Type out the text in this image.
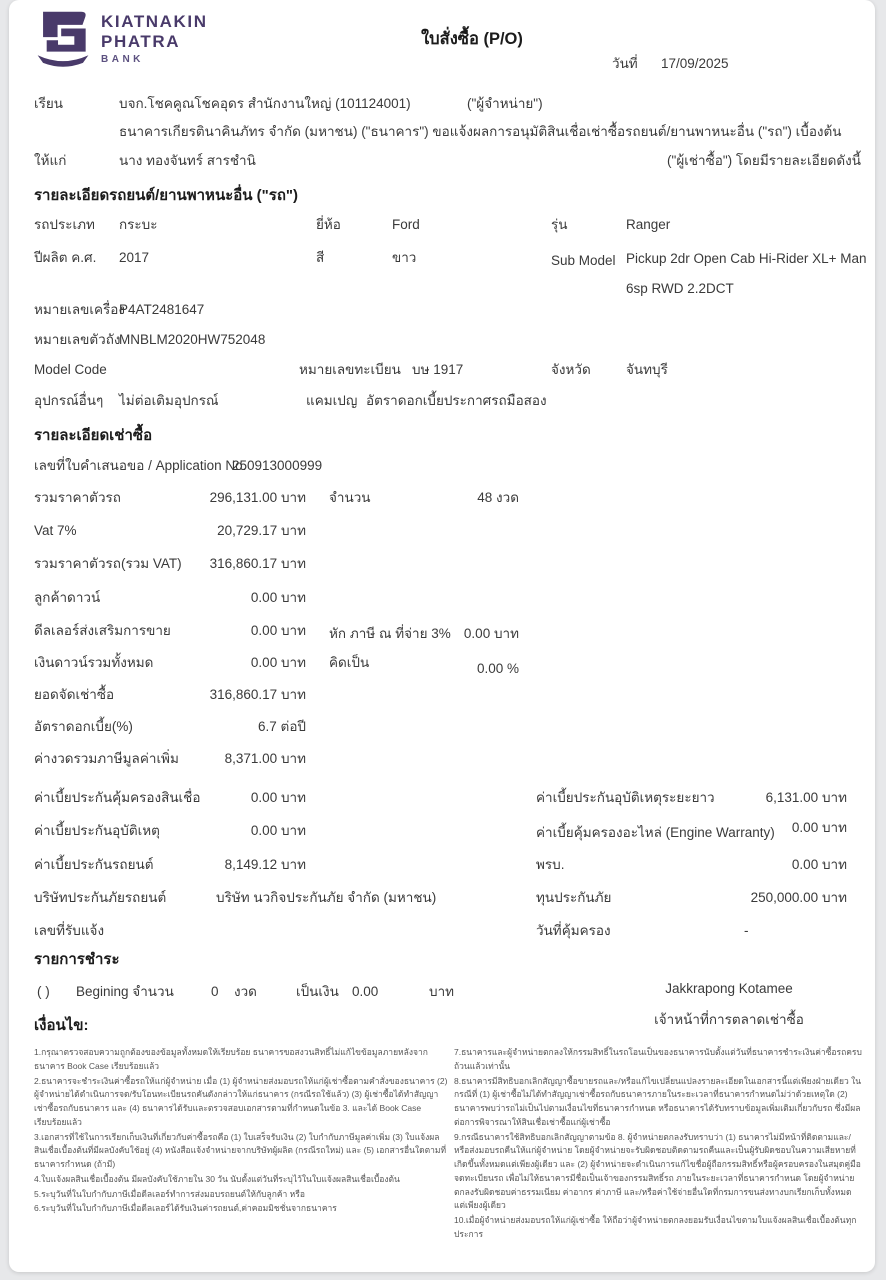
KIATNAKIN
PHATRA
BANK
ใบสั่งซื้อ (P/O)
วันที่ 17/09/2025
เรียน	บจก.โชคคูณโชคอุดร สำนักงานใหญ่ (101124001)	("ผู้จำหน่าย")
ธนาคารเกียรตินาคินภัทร จำกัด (มหาชน) ("ธนาคาร") ขอแจ้งผลการอนุมัติสินเชื่อเช่าซื้อรถยนต์/ยานพาหนะอื่น ("รถ") เบื้องต้น
ให้แก่	นาง ทองจันทร์ สารชำนิ	("ผู้เช่าซื้อ") โดยมีรายละเอียดดังนี้
รายละเอียดรถยนต์/ยานพาหนะอื่น ("รถ")
รถประเภท กระบะ	ยี่ห้อ	Ford	รุ่น	Ranger
ปีผลิต ค.ศ. 2017	สี	ขาว	Sub Model Pickup 2dr Open Cab Hi-Rider XL+ Man 6sp RWD 2.2DCT
หมายเลขเครื่อง
P4AT2481647
หมายเลขตัวถัง
MNBLM2020HW752048
Model Code	หมายเลขทะเบียน บษ 1917	จังหวัด	จันทบุรี
อุปกรณ์อื่นๆ ไม่ต่อเติมอุปกรณ์	แคมเปญ อัตราดอกเบี้ยประกาศรถมือสอง
รายละเอียดเช่าซื้อ
เลขที่ใบคำเสนอขอ / Application No.
250913000999
รวมราคาตัวรถ	296,131.00 บาท จำนวน	48 งวด
Vat 7%	20,729.17 บาท
รวมราคาตัวรถ(รวม VAT)	316,860.17 บาท
ลูกค้าดาวน์	0.00 บาท
ดีลเลอร์ส่งเสริมการขาย	0.00 บาท หัก ภาษี ณ ที่จ่าย 3% 0.00 บาท
เงินดาวน์รวมทั้งหมด	0.00 บาท คิดเป็น	0.00 %
ยอดจัดเช่าซื้อ	316,860.17 บาท
อัตราดอกเบี้ย(%)	6.7 ต่อปี
ค่างวดรวมภาษีมูลค่าเพิ่ม	8,371.00 บาท
ค่าเบี้ยประกันคุ้มครองสินเชื่อ	0.00 บาท	ค่าเบี้ยประกันอุบัติเหตุระยะยาว	6,131.00 บาท
ค่าเบี้ยประกันอุบัติเหตุ	0.00 บาท	ค่าเบี้ยคุ้มครองอะไหล่ (Engine Warranty)	0.00 บาท
ค่าเบี้ยประกันรถยนต์	8,149.12 บาท	พรบ.	0.00 บาท
บริษัทประกันภัยรถยนต์	บริษัท นวกิจประกันภัย จำกัด (มหาชน)	ทุนประกันภัย	250,000.00 บาท
เลขที่รับแจ้ง	วันที่คุ้มครอง	-
รายการชำระ
( ) Begining จำนวน	0 งวด	เป็นเงิน 0.00	บาท	Jakkrapong Kotamee
เจ้าหน้าที่การตลาดเช่าซื้อ
เงื่อนไข:
1.กรุณาตรวจสอบความถูกต้องของข้อมูลทั้งหมดให้เรียบร้อย ธนาคารขอสงวนสิทธิ์ไม่แก้ไขข้อมูลภายหลังจากธนาคาร Book Case เรียบร้อยแล้ว
2.ธนาคารจะชำระเงินค่าซื้อรถให้แก่ผู้จำหน่าย เมื่อ (1) ผู้จำหน่ายส่งมอบรถให้แก่ผู้เช่าซื้อตามคำสั่งของธนาคาร (2) ผู้จำหน่ายได้ดำเนินการจด/รับโอนทะเบียนรถคันดังกล่าวให้แก่ธนาคาร (กรณีรถใช้แล้ว) (3) ผู้เช่าซื้อได้ทำสัญญาเช่าซื้อรถกับธนาคาร และ (4) ธนาคารได้รับและตรวจสอบเอกสารตามที่กำหนดในข้อ 3. และได้ Book Case เรียบร้อยแล้ว
3.เอกสารที่ใช้ในการเรียกเก็บเงินที่เกี่ยวกับค่าซื้อรถคือ (1) ใบเสร็จรับเงิน (2) ใบกำกับภาษีมูลค่าเพิ่ม (3) ใบแจ้งผลสินเชื่อเบื้องต้นที่มีผลบังคับใช้อยู่ (4) หนังสือแจ้งจำหน่ายจากบริษัทผู้ผลิต (กรณีรถใหม่) และ (5) เอกสารอื่นใดตามที่ธนาคารกำหนด (ถ้ามี)
4.ใบแจ้งผลสินเชื่อเบื้องต้น มีผลบังคับใช้ภายใน 30 วัน นับตั้งแต่วันที่ระบุไว้ในใบแจ้งผลสินเชื่อเบื้องต้น
5.ระบุวันที่ในใบกำกับภาษีเมื่อดีลเลอร์ทำการส่งมอบรถยนต์ให้กับลูกค้า หรือ
6.ระบุวันที่ในใบกำกับภาษีเมื่อดีลเลอร์ได้รับเงินค่ารถยนต์,ค่าคอมมิชชั่นจากธนาคาร
7.ธนาคารและผู้จำหน่ายตกลงให้กรรมสิทธิ์ในรถโอนเป็นของธนาคารนับตั้งแต่วันที่ธนาคารชำระเงินค่าซื้อรถครบถ้วนแล้วเท่านั้น
8.ธนาคารมีสิทธิบอกเลิกสัญญาซื้อขายรถและ/หรือแก้ไขเปลี่ยนแปลงรายละเอียดในเอกสารนี้แต่เพียงฝ่ายเดียว ในกรณีที่ (1) ผู้เช่าซื้อไม่ได้ทำสัญญาเช่าซื้อรถกับธนาคารภายในระยะเวลาที่ธนาคารกำหนดไม่ว่าด้วยเหตุใด (2) ธนาคารพบว่ารถไม่เป็นไปตามเงื่อนไขที่ธนาคารกำหนด หรือธนาคารได้รับทราบข้อมูลเพิ่มเติมเกี่ยวกับรถ ซึ่งมีผลต่อการพิจารณาให้สินเชื่อเช่าซื้อแก่ผู้เช่าซื้อ
9.กรณีธนาคารใช้สิทธิบอกเลิกสัญญาตามข้อ 8. ผู้จำหน่ายตกลงรับทราบว่า (1) ธนาคารไม่มีหน้าที่ติดตามและ/หรือส่งมอบรถคืนให้แก่ผู้จำหน่าย โดยผู้จำหน่ายจะรับผิดชอบติดตามรถคืนและเป็นผู้รับผิดชอบในความเสียหายที่เกิดขึ้นทั้งหมดแต่เพียงผู้เดียว และ (2) ผู้จำหน่ายจะดำเนินการแก้ไขชื่อผู้ถือกรรมสิทธิ์หรือผู้ครอบครองในสมุดคู่มือจดทะเบียนรถ เพื่อไม่ให้ธนาคารมีชื่อเป็นเจ้าของกรรมสิทธิ์รถ ภายในระยะเวลาที่ธนาคารกำหนด โดยผู้จำหน่ายตกลงรับผิดชอบค่าธรรมเนียม ค่าอากร ค่าภาษี และ/หรือค่าใช้จ่ายอื่นใดที่กรมการขนส่งทางบกเรียกเก็บทั้งหมดแต่เพียงผู้เดียว
10.เมื่อผู้จำหน่ายส่งมอบรถให้แก่ผู้เช่าซื้อ ให้ถือว่าผู้จำหน่ายตกลงยอมรับเงื่อนไขตามใบแจ้งผลสินเชื่อเบื้องต้นทุกประการ
